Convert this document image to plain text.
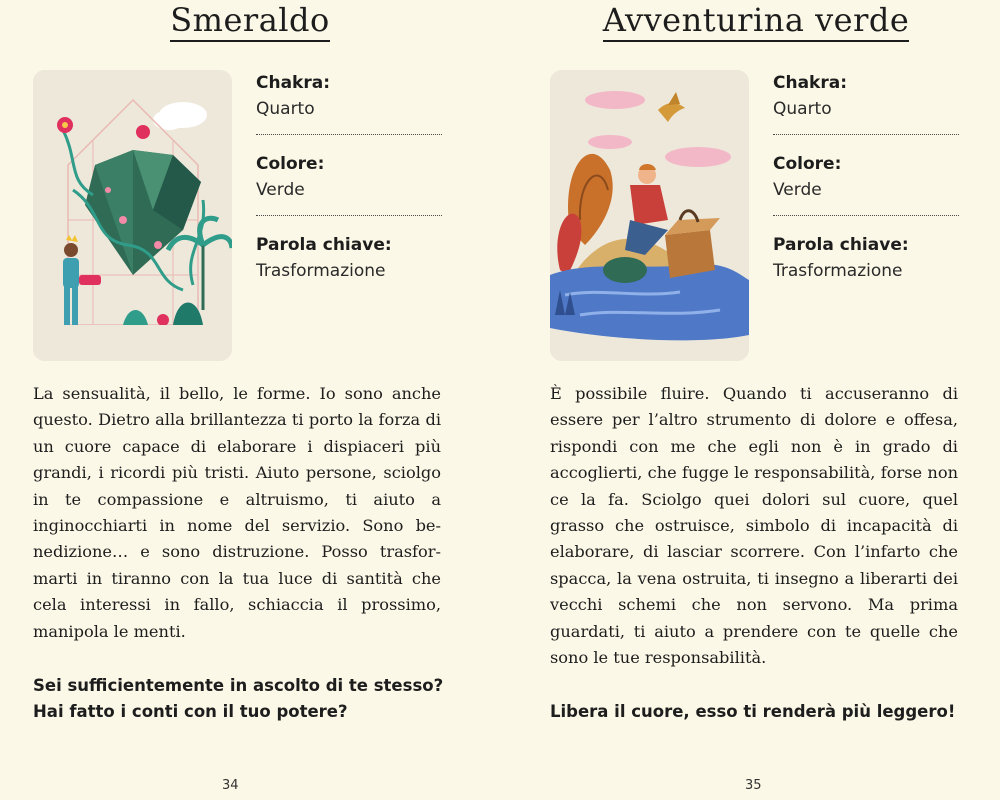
Smeraldo
Chakra:
Quarto
Colore:
Verde
Parola chiave:
Trasformazione
La sensualità, il bello, le forme. Io sono anche questo. Dietro alla brillantezza ti porto la forza di un cuore capace di elaborare i dispiaceri più grandi, i ricordi più tristi. Aiuto persone, sciolgo in te compassione e altruismo, ti aiuto a inginocchiarti in nome del servizio. Sono benedizione… e sono distruzione. Posso trasformarti in tiranno con la tua luce di santità che cela interessi in fallo, schiaccia il prossimo, manipola le menti.
Sei sufficientemente in ascolto di te stesso? Hai fatto i conti con il tuo potere?
34
Avventurina verde
Chakra:
Quarto
Colore:
Verde
Parola chiave:
Trasformazione
È possibile fluire. Quando ti accuseranno di essere per l’altro strumento di dolore e offesa, rispondi con me che egli non è in grado di accoglierti, che fugge le responsabilità, forse non ce la fa. Sciolgo quei dolori sul cuore, quel grasso che ostruisce, simbolo di incapacità di elaborare, di lasciar scorrere. Con l’infarto che spacca, la vena ostruita, ti insegno a liberarti dei vecchi schemi che non servono. Ma prima guardati, ti aiuto a prendere con te quelle che sono le tue responsabilità.
Libera il cuore, esso ti renderà più leggero!
35
